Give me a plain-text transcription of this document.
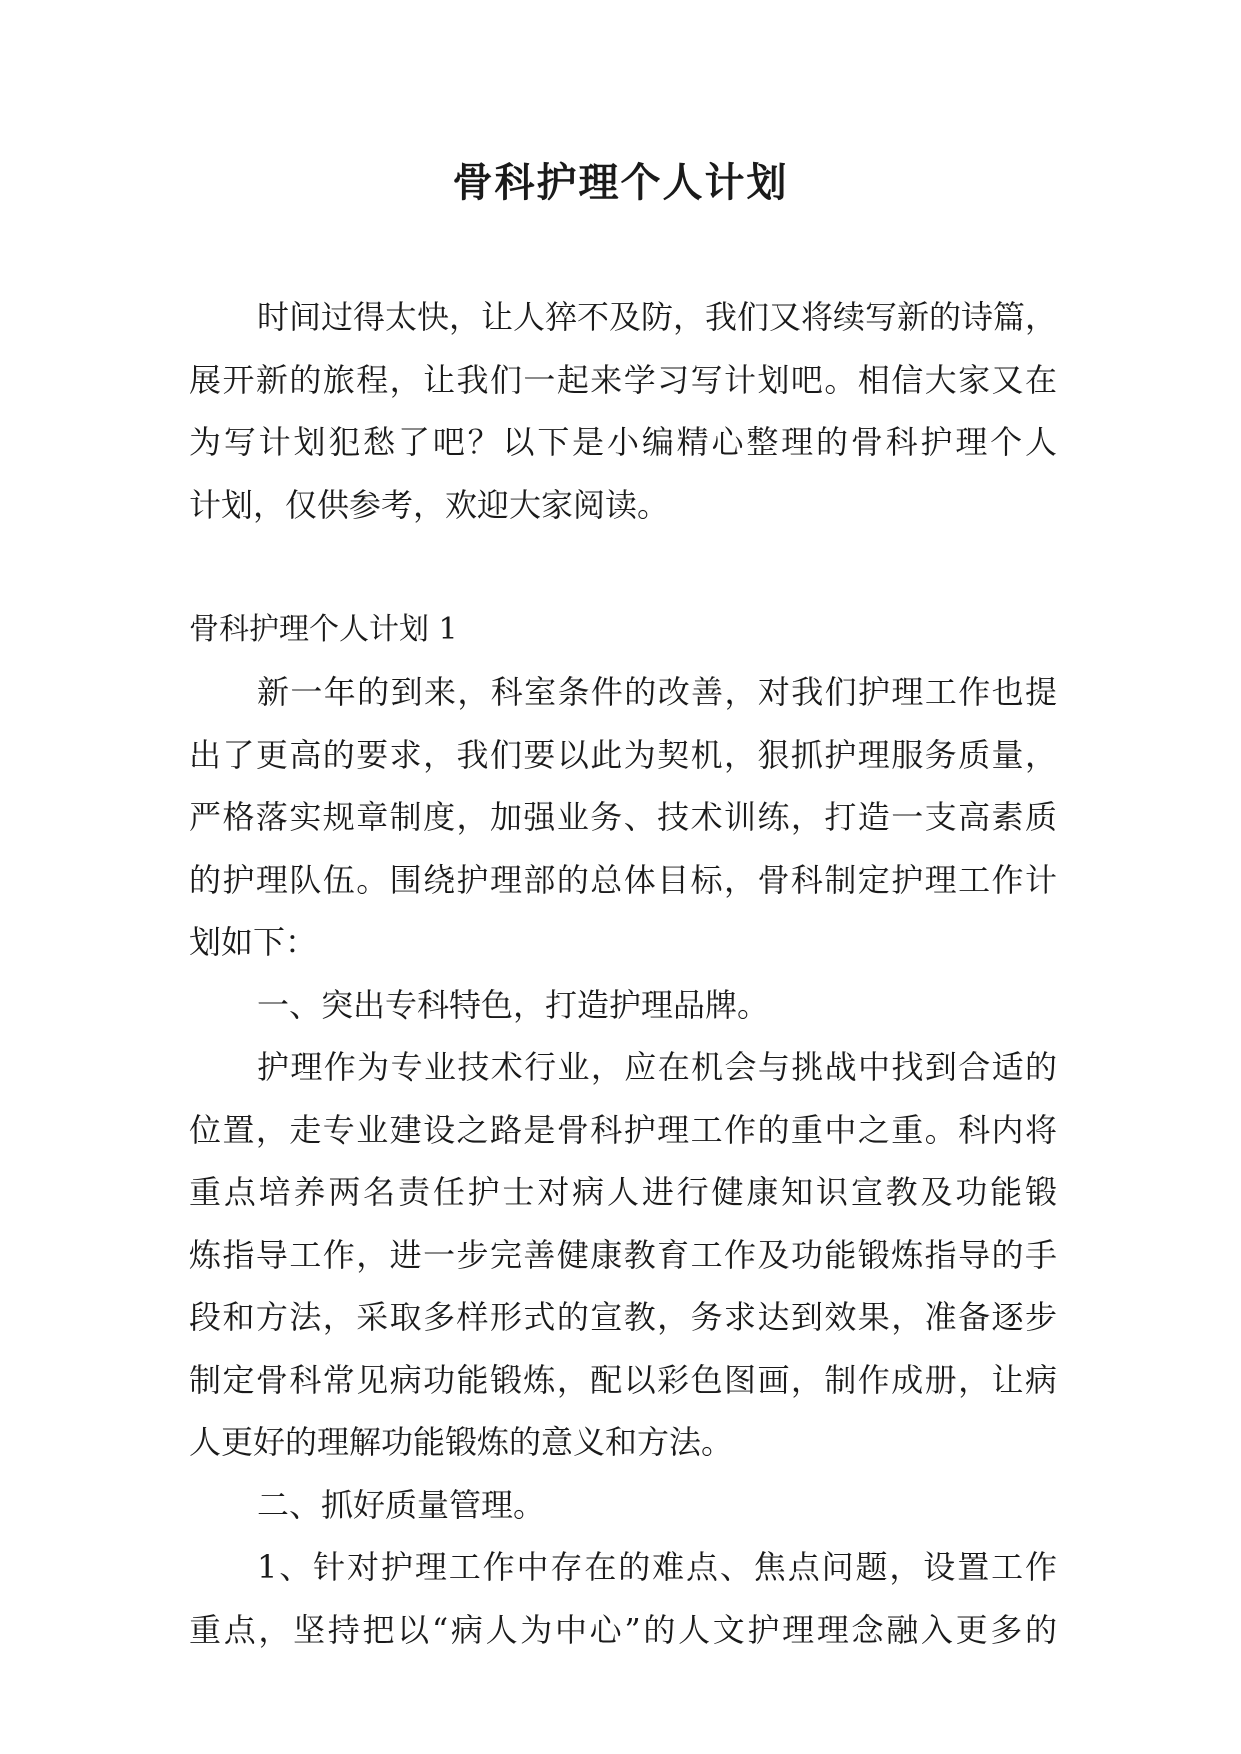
骨科护理个人计划
时间过得太快，让人猝不及防，我们又将续写新的诗篇，
展开新的旅程，让我们一起来学习写计划吧。相信大家又在
为写计划犯愁了吧？以下是小编精心整理的骨科护理个人
计划，仅供参考，欢迎大家阅读。
骨科护理个人计划 1
新一年的到来，科室条件的改善，对我们护理工作也提
出了更高的要求，我们要以此为契机，狠抓护理服务质量，
严格落实规章制度，加强业务、技术训练，打造一支高素质
的护理队伍。围绕护理部的总体目标，骨科制定护理工作计
划如下：
一、突出专科特色，打造护理品牌。
护理作为专业技术行业，应在机会与挑战中找到合适的
位置，走专业建设之路是骨科护理工作的重中之重。科内将
重点培养两名责任护士对病人进行健康知识宣教及功能锻
炼指导工作，进一步完善健康教育工作及功能锻炼指导的手
段和方法，采取多样形式的宣教，务求达到效果，准备逐步
制定骨科常见病功能锻炼，配以彩色图画，制作成册，让病
人更好的理解功能锻炼的意义和方法。
二、抓好质量管理。
1、针对护理工作中存在的难点、焦点问题，设置工作
重点，坚持把以“病人为中心”的人文护理理念融入更多的
